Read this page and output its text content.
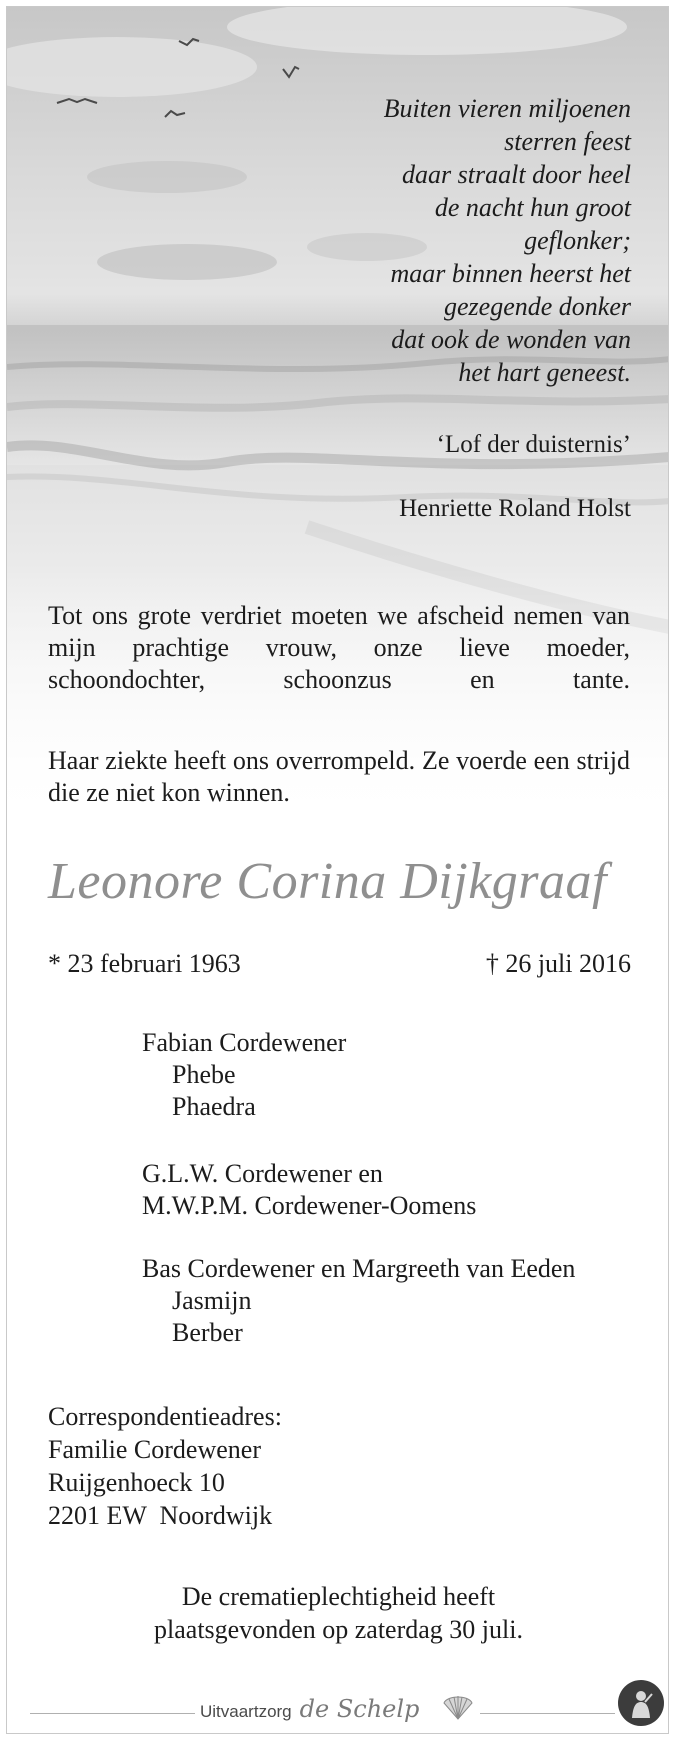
Buiten vieren miljoenen
sterren feest
daar straalt door heel
de nacht hun groot
geflonker;
maar binnen heerst het
gezegende donker
dat ook de wonden van
het hart geneest.
‘Lof der duisternis’
Henriette Roland Holst
Tot ons grote verdriet moeten we afscheid nemen van mijn prachtige vrouw, onze lieve moeder, schoondochter, schoonzus en tante.
Haar ziekte heeft ons overrompeld. Ze voerde een strijd die ze niet kon winnen.
Leonore Corina Dijkgraaf
* 23 februari 1963	† 26 juli 2016
Fabian Cordewener
Phebe
Phaedra
G.L.W. Cordewener en
M.W.P.M. Cordewener-Oomens
Bas Cordewener en Margreeth van Eeden
Jasmijn
Berber
Correspondentieadres:
Familie Cordewener
Ruijgenhoeck 10
2201 EW  Noordwijk
De crematieplechtigheid heeft
plaatsgevonden op zaterdag 30 juli.
Uitvaartzorg de Schelp
